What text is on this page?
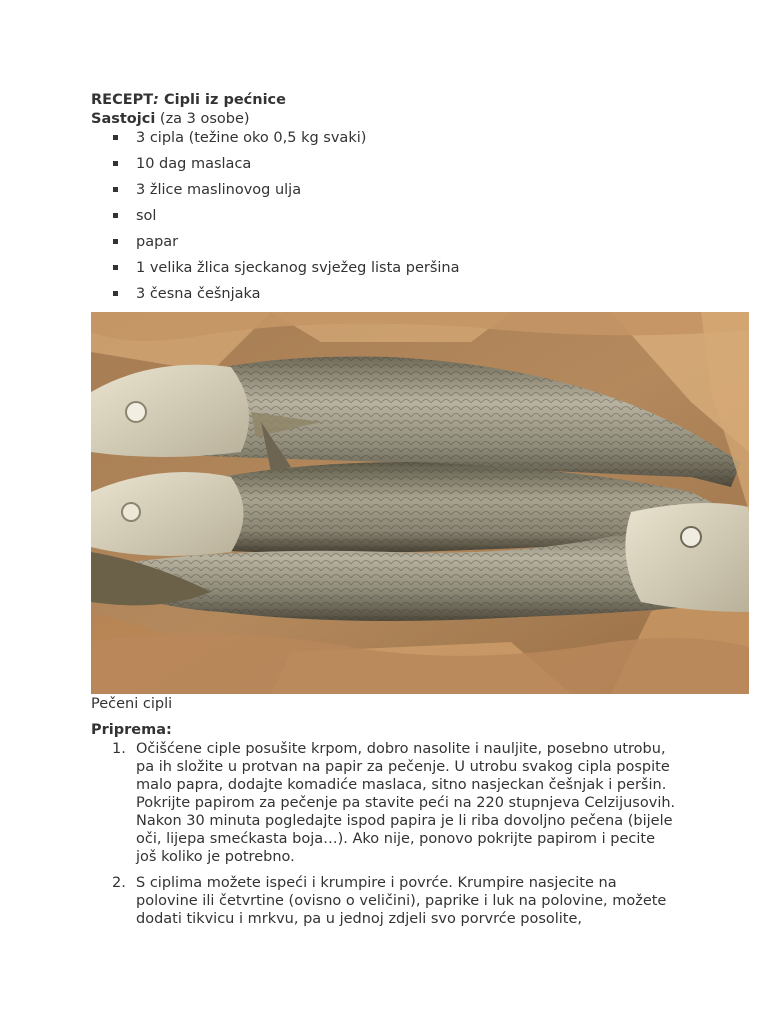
RECEPT: Cipli iz pećnice

Sastojci (za 3 osobe)

3 cipla (težine oko 0,5 kg svaki)
10 dag maslaca
3 žlice maslinovog ulja
sol
papar
1 velika žlica sjeckanog svježeg lista peršina
3 česna češnjaka

Pečeni cipli

Priprema:

1. Očišćene ciple posušite krpom, dobro nasolite i nauljite, posebno utrobu, pa ih složite u protvan na papir za pečenje. U utrobu svakog cipla pospite malo papra, dodajte komadiće maslaca, sitno nasjeckan češnjak i peršin. Pokrijte papirom za pečenje pa stavite peći na 220 stupnjeva Celzijusovih. Nakon 30 minuta pogledajte ispod papira je li riba dovoljno pečena (bijele oči, lijepa smećkasta boja…). Ako nije, ponovo pokrijte papirom i pecite još koliko je potrebno.
2. S ciplima možete ispeći i krumpire i povrće. Krumpire nasjecite na polovine ili četvrtine (ovisno o veličini), paprike i luk na polovine, možete dodati tikvicu i mrkvu, pa u jednoj zdjeli svo porvrće posolite,
